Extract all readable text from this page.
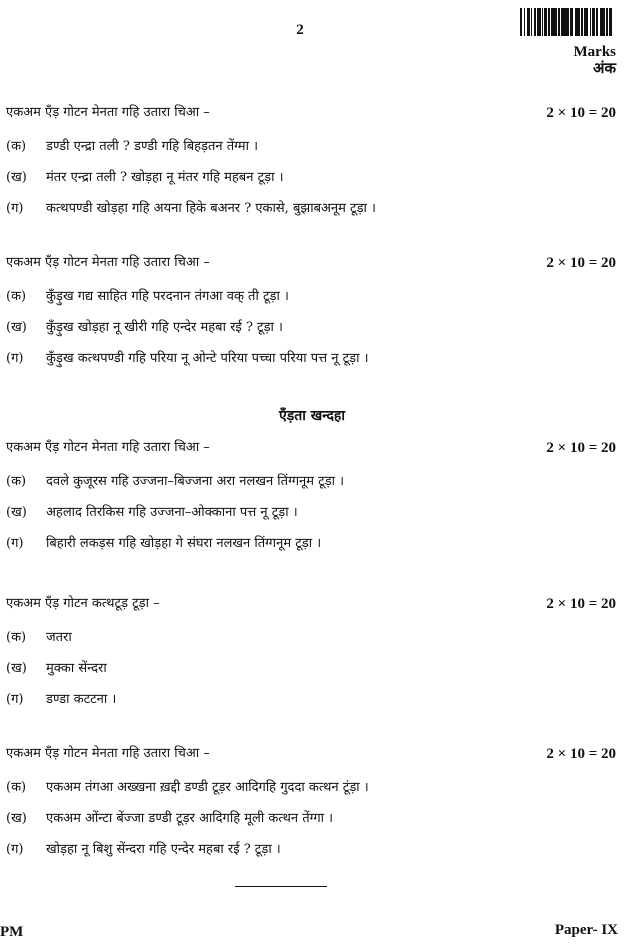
2
Marks
अंक
एकअम एँड़ गोटन मेनता गहि उतारा चिआ –	2 × 10 = 20
(क) डण्डी एन्द्रा तली ? डण्डी गहि बिहड़तन तेंग्मा ।
(ख) मंतर एन्द्रा तली ? खोड़हा नू मंतर गहि महबन टूड़ा ।
(ग) कत्थपण्डी खोड़हा गहि अयना हिके बअनर ? एकासे, बुझाबअनूम टूड़ा ।
एकअम एँड़ गोटन मेनता गहि उतारा चिआ –	2 × 10 = 20
(क) कुँड़ुख गद्य साहित गहि परदनान तंगआ वक् ती टूड़ा ।
(ख) कुँड़ुख खोड़हा नू खीरी गहि एन्देर महबा रई ? टूड़ा ।
(ग) कुँड़ुख कत्थपण्डी गहि परिया नू ओन्टे परिया पच्चा परिया पत्त नू टूड़ा ।
एँड़ता खन्दहा
एकअम एँड़ गोटन मेनता गहि उतारा चिआ –	2 × 10 = 20
(क) दवले कुजूरस गहि उज्जना–बिज्जना अरा नलखन तिंग्गनूम टूड़ा ।
(ख) अहलाद तिरकिस गहि उज्जना–ओक्काना पत्त नू टूड़ा ।
(ग) बिहारी लकड़स गहि खोड़हा गे संघरा नलखन तिंग्गनूम टूड़ा ।
एकअम एँड़ गोटन कत्थटूड़ टूड़ा –	2 × 10 = 20
(क) जतरा
(ख) मुक्का सेंन्दरा
(ग) डण्डा कटटना ।
एकअम एँड़ गोटन मेनता गहि उतारा चिआ –	2 × 10 = 20
(क) एकअम तंगआ अख्खना ख़द्दी डण्डी टूड़र आदिगहि गुददा कत्थन टूंड़ा ।
(ख) एकअम ओंन्टा बेंज्जा डण्डी टूड़र आदिगहि मूली कत्थन तेंग्गा ।
(ग) खोड़हा नू बिशु सेंन्दरा गहि एन्देर महबा रई ? टूड़ा ।
PM	Paper- IX
